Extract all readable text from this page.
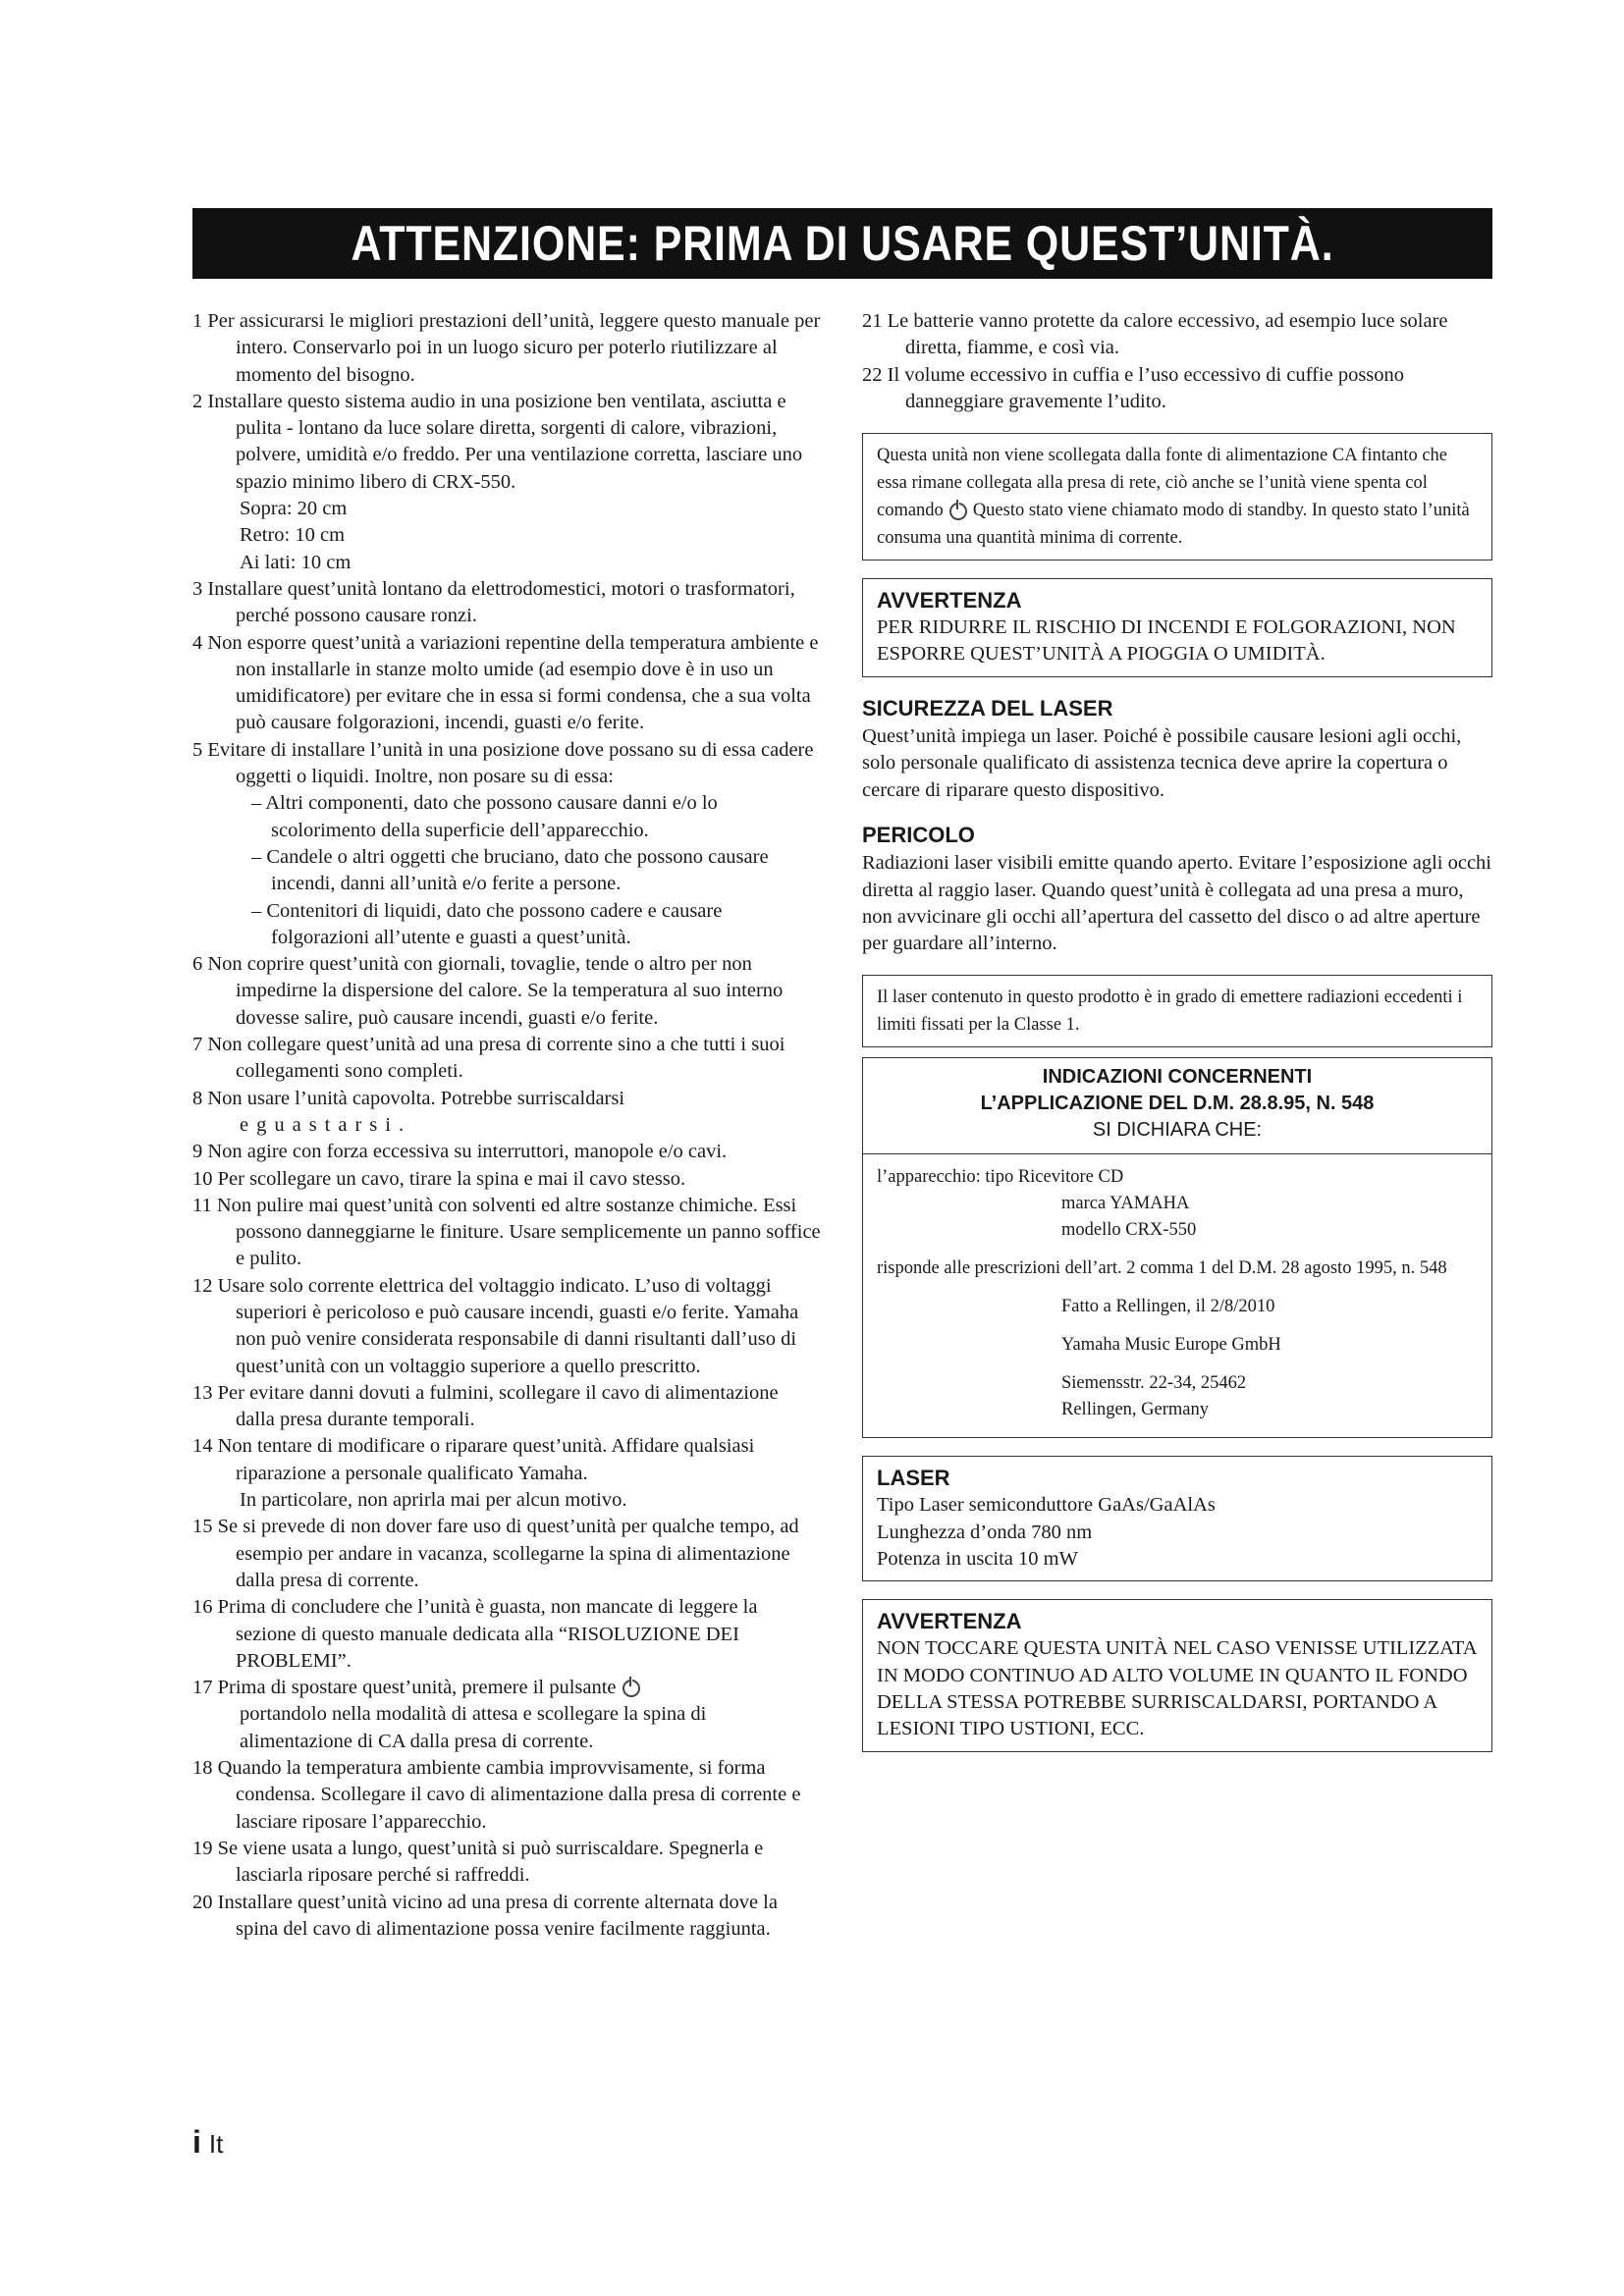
ATTENZIONE: PRIMA DI USARE QUEST’UNITÀ.

1 Per assicurarsi le migliori prestazioni dell’unità, leggere questo manuale per intero. Conservarlo poi in un luogo sicuro per poterlo riutilizzare al momento del bisogno.

2 Installare questo sistema audio in una posizione ben ventilata, asciutta e pulita - lontano da luce solare diretta, sorgenti di calore, vibrazioni, polvere, umidità e/o freddo. Per una ventilazione corretta, lasciare uno spazio minimo libero di CRX-550.

Sopra: 20 cm

Retro: 10 cm

Ai lati: 10 cm

3 Installare quest’unità lontano da elettrodomestici, motori o trasformatori, perché possono causare ronzi.

4 Non esporre quest’unità a variazioni repentine della temperatura ambiente e non installarle in stanze molto umide (ad esempio dove è in uso un umidificatore) per evitare che in essa si formi condensa, che a sua volta può causare folgorazioni, incendi, guasti e/o ferite.

5 Evitare di installare l’unità in una posizione dove possano su di essa cadere oggetti o liquidi. Inoltre, non posare su di essa:

– Altri componenti, dato che possono causare danni e/o lo scolorimento della superficie dell’apparecchio.

– Candele o altri oggetti che bruciano, dato che possono causare incendi, danni all’unità e/o ferite a persone.

– Contenitori di liquidi, dato che possono cadere e causare folgorazioni all’utente e guasti a quest’unità.

6 Non coprire quest’unità con giornali, tovaglie, tende o altro per non impedirne la dispersione del calore. Se la temperatura al suo interno dovesse salire, può causare incendi, guasti e/o ferite.

7 Non collegare quest’unità ad una presa di corrente sino a che tutti i suoi collegamenti sono completi.

8 Non usare l’unità capovolta. Potrebbe surriscaldarsi

eguastarsi.

9 Non agire con forza eccessiva su interruttori, manopole e/o cavi.

10 Per scollegare un cavo, tirare la spina e mai il cavo stesso.

11 Non pulire mai quest’unità con solventi ed altre sostanze chimiche. Essi possono danneggiarne le finiture. Usare semplicemente un panno soffice e pulito.

12 Usare solo corrente elettrica del voltaggio indicato. L’uso di voltaggi superiori è pericoloso e può causare incendi, guasti e/o ferite. Yamaha non può venire considerata responsabile di danni risultanti dall’uso di quest’unità con un voltaggio superiore a quello prescritto.

13 Per evitare danni dovuti a fulmini, scollegare il cavo di alimentazione dalla presa durante temporali.

14 Non tentare di modificare o riparare quest’unità. Affidare qualsiasi riparazione a personale qualificato Yamaha.

In particolare, non aprirla mai per alcun motivo.

15 Se si prevede di non dover fare uso di quest’unità per qualche tempo, ad esempio per andare in vacanza, scollegarne la spina di alimentazione dalla presa di corrente.

16 Prima di concludere che l’unità è guasta, non mancate di leggere la sezione di questo manuale dedicata alla “RISOLUZIONE DEI PROBLEMI”.

17 Prima di spostare quest’unità, premere il pulsante

portandolo nella modalità di attesa e scollegare la spina di alimentazione di CA dalla presa di corrente.

18 Quando la temperatura ambiente cambia improvvisamente, si forma condensa. Scollegare il cavo di alimentazione dalla presa di corrente e lasciare riposare l’apparecchio.

19 Se viene usata a lungo, quest’unità si può surriscaldare. Spegnerla e lasciarla riposare perché si raffreddi.

20 Installare quest’unità vicino ad una presa di corrente alternata dove la spina del cavo di alimentazione possa venire facilmente raggiunta.

21 Le batterie vanno protette da calore eccessivo, ad esempio luce solare diretta, fiamme, e così via.

22 Il volume eccessivo in cuffia e l’uso eccessivo di cuffie possono danneggiare gravemente l’udito.

Questa unità non viene scollegata dalla fonte di alimentazione CA fintanto che essa rimane collegata alla presa di rete, ciò anche se l’unità viene spenta col comando Questo stato viene chiamato modo di standby. In questo stato l’unità consuma una quantità minima di corrente.
AVVERTENZA
PER RIDURRE IL RISCHIO DI INCENDI E FOLGORAZIONI, NON ESPORRE QUEST’UNITÀ A PIOGGIA O UMIDITÀ.
SICUREZZA DEL LASER

Quest’unità impiega un laser. Poiché è possibile causare lesioni agli occhi, solo personale qualificato di assistenza tecnica deve aprire la copertura o cercare di riparare questo dispositivo.

PERICOLO

Radiazioni laser visibili emitte quando aperto. Evitare l’esposizione agli occhi diretta al raggio laser. Quando quest’unità è collegata ad una presa a muro, non avvicinare gli occhi all’apertura del cassetto del disco o ad altre aperture per guardare all’interno.

Il laser contenuto in questo prodotto è in grado di emettere radiazioni eccedenti i limiti fissati per la Classe 1.
INDICAZIONI CONCERNENTI
L’APPLICAZIONE DEL D.M. 28.8.95, N. 548
SI DICHIARA CHE:
l’apparecchio: tipo Ricevitore CD
marca YAMAHA
modello CRX-550
risponde alle prescrizioni dell’art. 2 comma 1 del D.M. 28 agosto 1995, n. 548
Fatto a Rellingen, il 2/8/2010
Yamaha Music Europe GmbH
Siemensstr. 22-34, 25462
Rellingen, Germany
LASER
Tipo Laser semiconduttore GaAs/GaAlAs
Lunghezza d’onda 780 nm
Potenza in uscita 10 mW
AVVERTENZA
NON TOCCARE QUESTA UNITÀ NEL CASO VENISSE UTILIZZATA IN MODO CONTINUO AD ALTO VOLUME IN QUANTO IL FONDO DELLA STESSA POTREBBE SURRISCALDARSI, PORTANDO A LESIONI TIPO USTIONI, ECC.
i It
